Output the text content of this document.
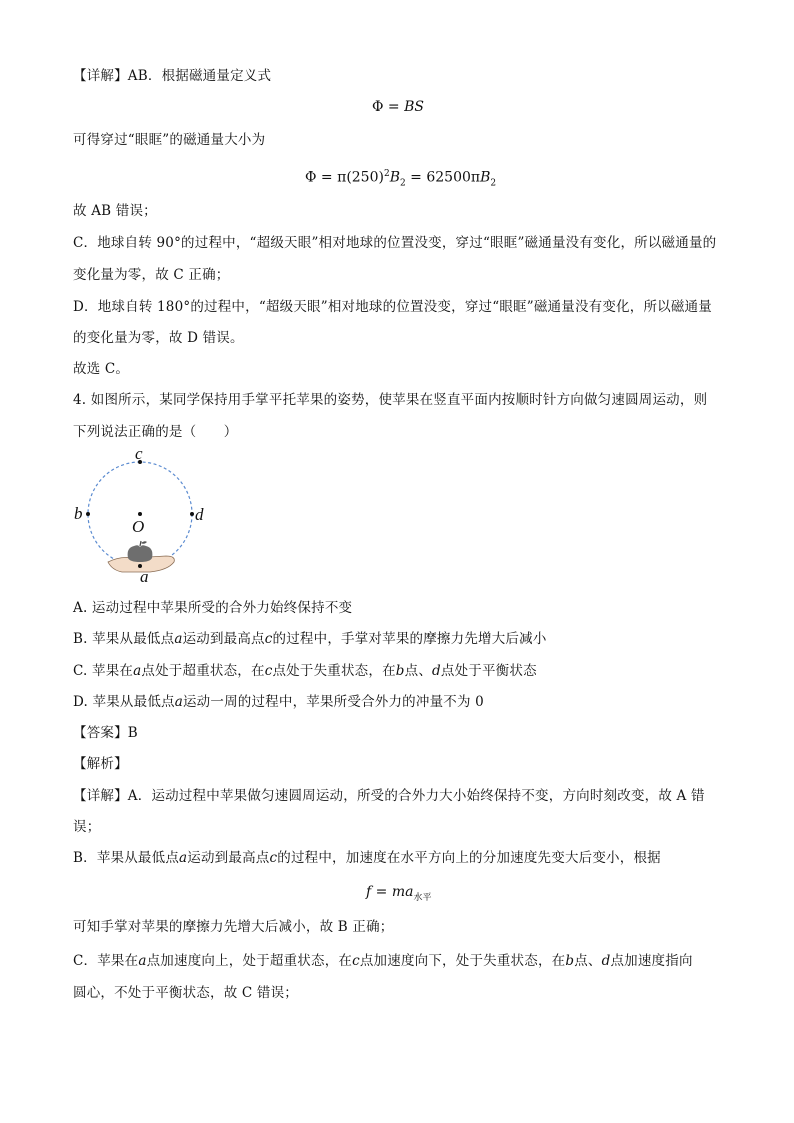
【详解】AB．根据磁通量定义式
Φ = BS
可得穿过“眼眶”的磁通量大小为
$\Phi = \pi(250)^2B_2 = 62500\pi B_2$
故 AB 错误；
C．地球自转 90°的过程中，“超级天眼”相对地球的位置没变，穿过“眼眶”磁通量没有变化，所以磁通量的
变化量为零，故 C 正确；
D．地球自转 180°的过程中，“超级天眼”相对地球的位置没变，穿过“眼眶”磁通量没有变化，所以磁通量
的变化量为零，故 D 错误。
故选 C。
4. 如图所示，某同学保持用手掌平托苹果的姿势，使苹果在竖直平面内按顺时针方向做匀速圆周运动，则
下列说法正确的是（　　）
c
b	d
O
a
A. 运动过程中苹果所受的合外力始终保持不变
B. 苹果从最低点a运动到最高点c的过程中，手掌对苹果的摩擦力先增大后减小
C. 苹果在a点处于超重状态，在c点处于失重状态，在b点、d点处于平衡状态
D. 苹果从最低点a运动一周的过程中，苹果所受合外力的冲量不为 0
【答案】B
【解析】
【详解】A．运动过程中苹果做匀速圆周运动，所受的合外力大小始终保持不变，方向时刻改变，故 A 错
误；
B．苹果从最低点a运动到最高点c的过程中，加速度在水平方向上的分加速度先变大后变小，根据
$f = ma_{水平}$
可知手掌对苹果的摩擦力先增大后减小，故 B 正确；
C．苹果在a点加速度向上，处于超重状态，在c点加速度向下，处于失重状态，在b点、d点加速度指向
圆心，不处于平衡状态，故 C 错误；
